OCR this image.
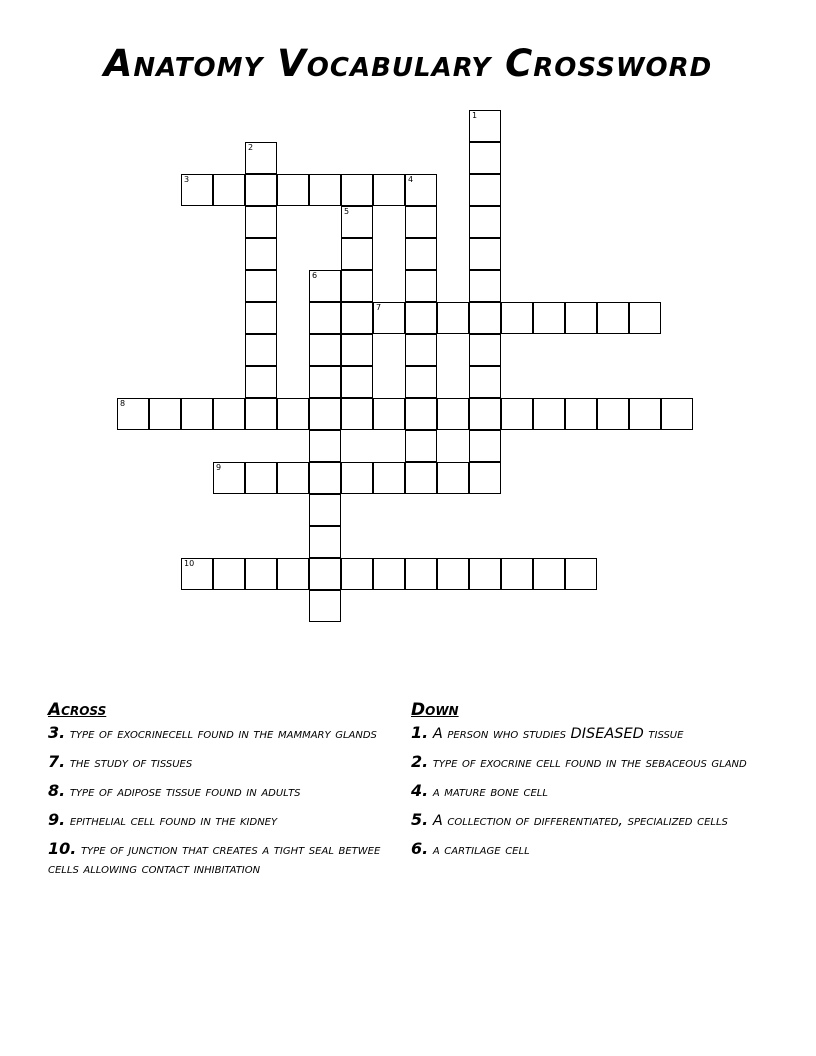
Anatomy Vocabulary Crossword
1
2
3	4
5
6
7
8
9
10
Across
3. type of exocrinecell found in the mammary glands
7. the study of tissues
8. type of adipose tissue found in adults
9. epithelial cell found in the kidney
10. type of junction that creates a tight seal betwee cells allowing contact inhibitation
Down
1. A person who studies DISEASED tissue
2. type of exocrine cell found in the sebaceous gland
4. a mature bone cell
5. A collection of differentiated, specialized cells
6. a cartilage cell
